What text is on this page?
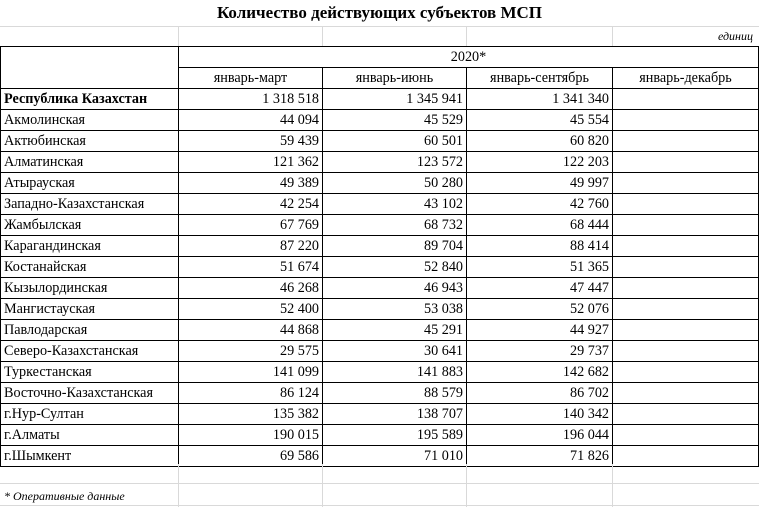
Количество действующих субъектов МСП
единиц
	2020*			
	январь-март	январь-июнь	январь-сентябрь	январь-декабрь
Республика Казахстан	1 318 518	1 345 941	1 341 340	
Акмолинская	44 094	45 529	45 554	
Актюбинская	59 439	60 501	60 820	
Алматинская	121 362	123 572	122 203	
Атырауская	49 389	50 280	49 997	
Западно-Казахстанская	42 254	43 102	42 760	
Жамбылская	67 769	68 732	68 444	
Карагандинская	87 220	89 704	88 414	
Костанайская	51 674	52 840	51 365	
Кызылординская	46 268	46 943	47 447	
Мангистауская	52 400	53 038	52 076	
Павлодарская	44 868	45 291	44 927	
Северо-Казахстанская	29 575	30 641	29 737	
Туркестанская	141 099	141 883	142 682	
Восточно-Казахстанская	86 124	88 579	86 702	
г.Нур-Султан	135 382	138 707	140 342	
г.Алматы	190 015	195 589	196 044	
г.Шымкент	69 586	71 010	71 826	
* Оперативные данные
